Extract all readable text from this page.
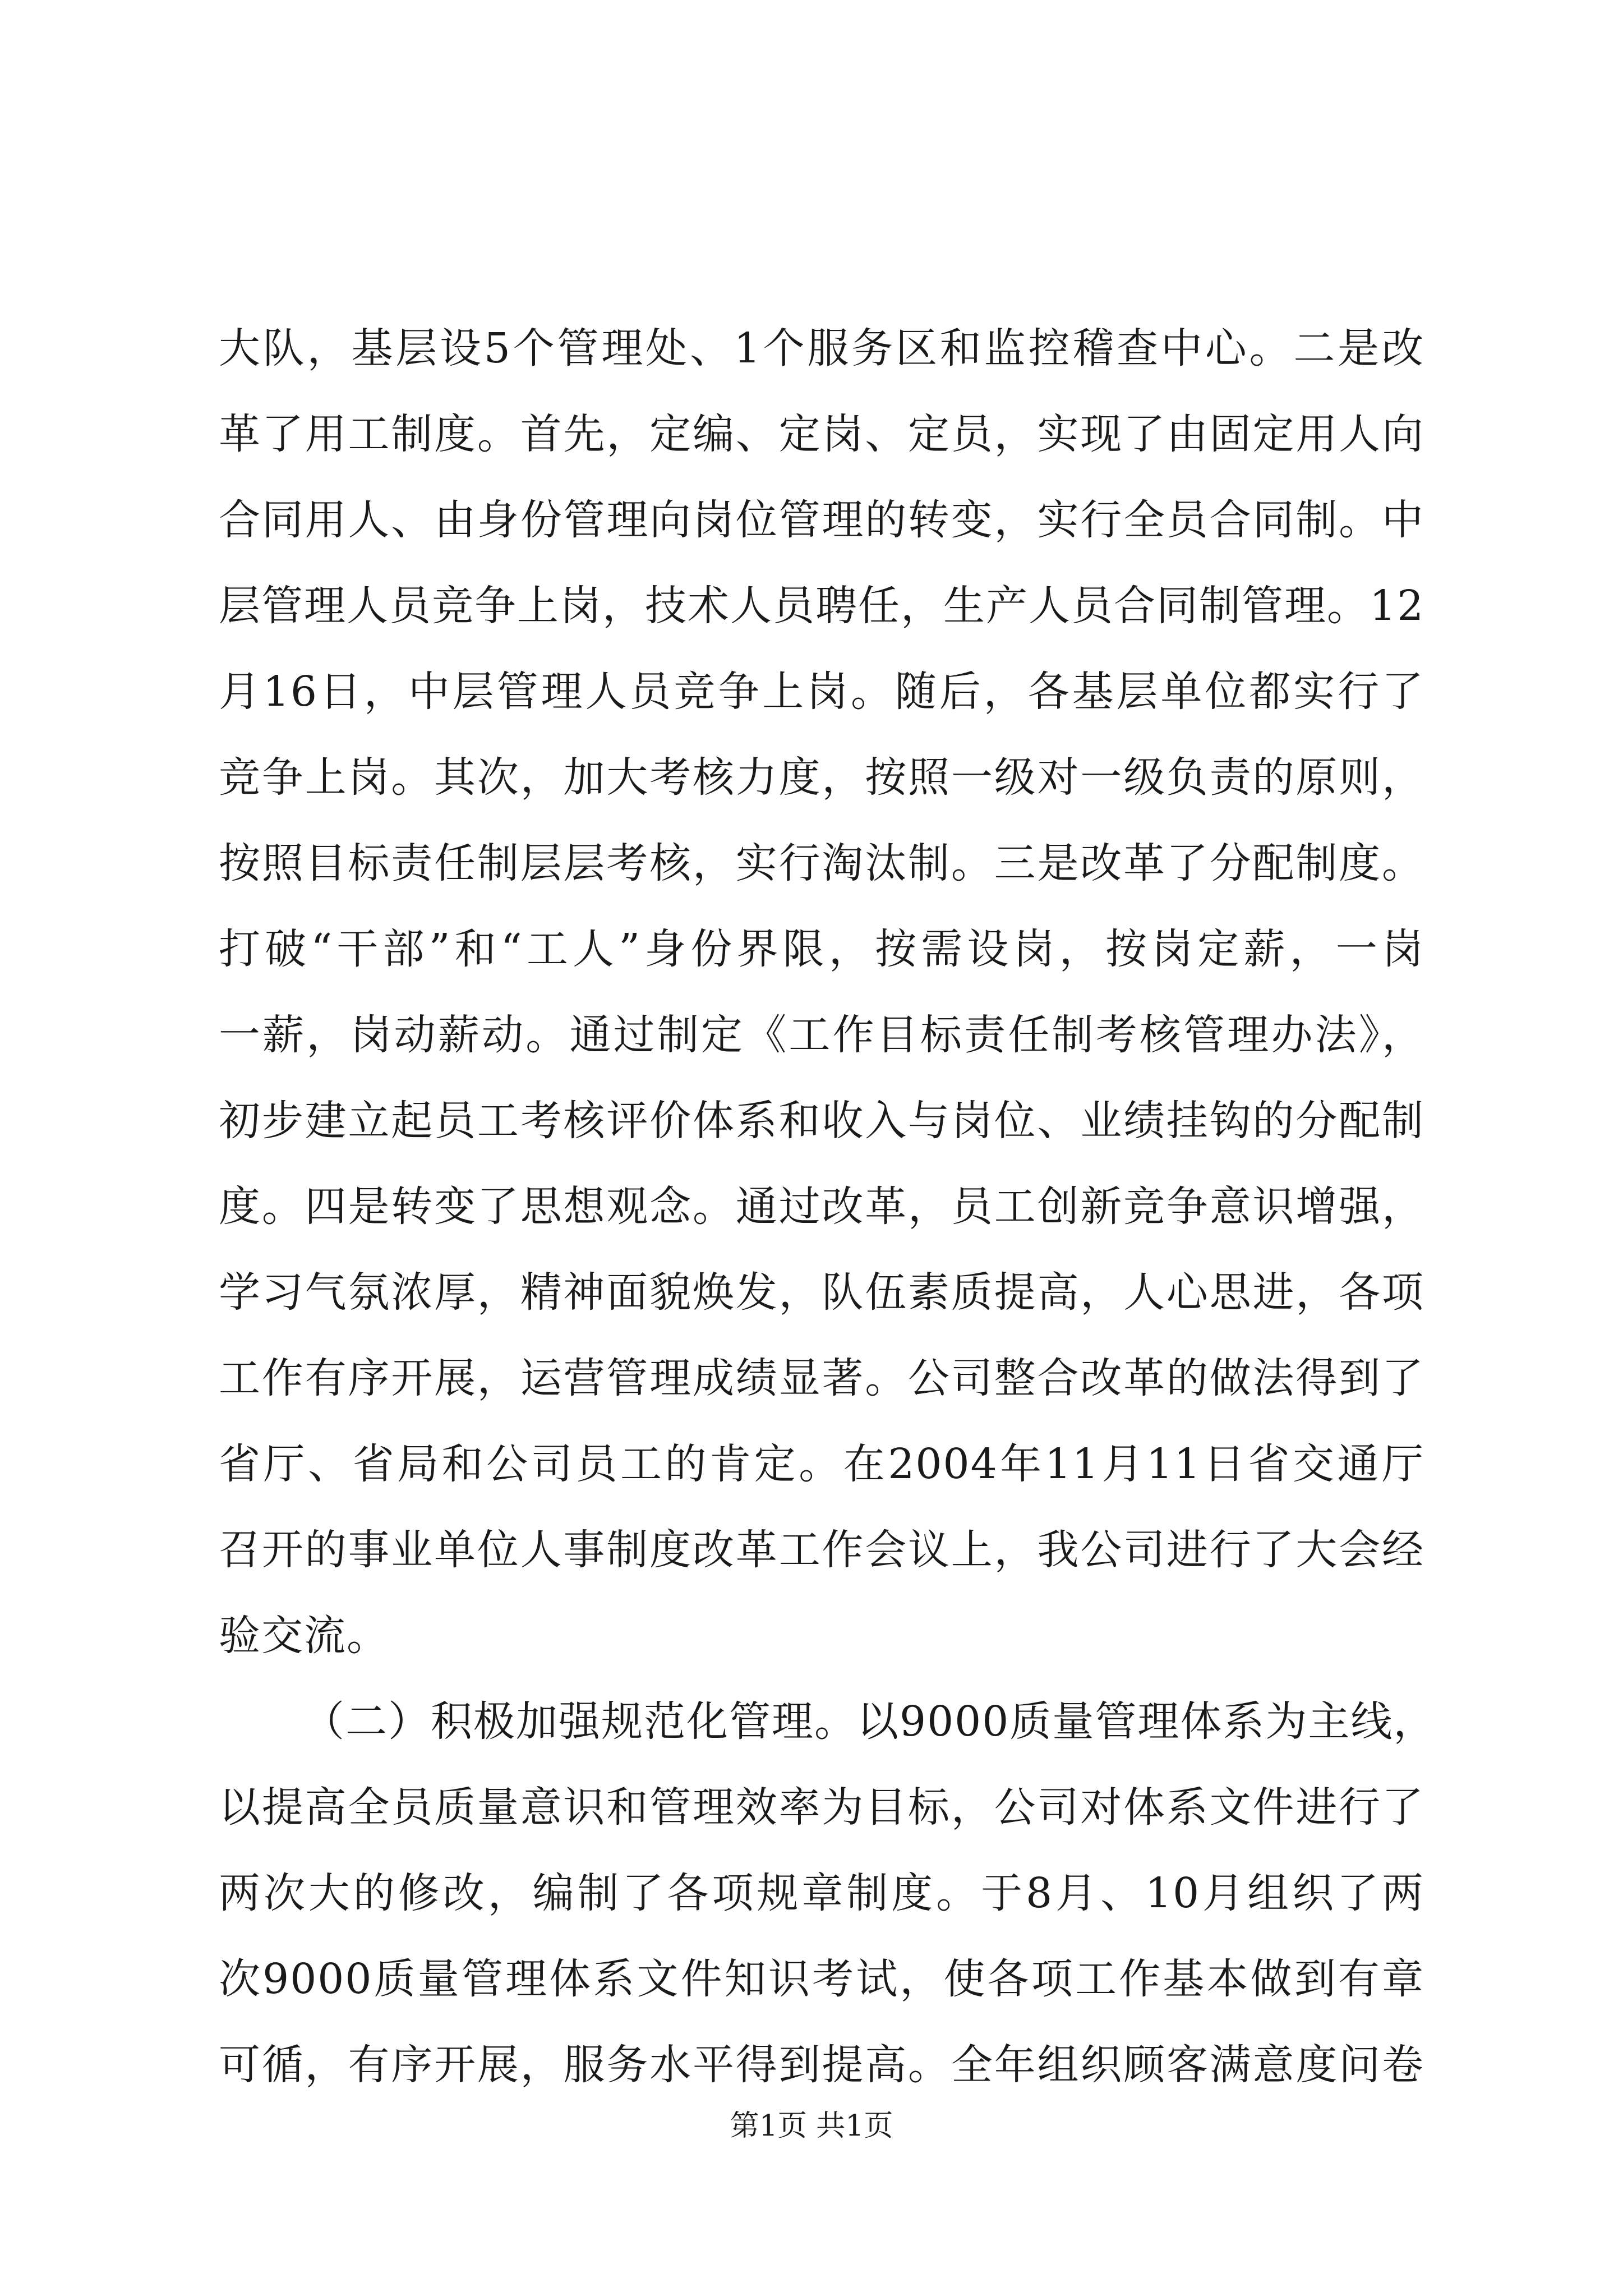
大队，基层设5个管理处、1个服务区和监控稽查中心。二是改
革了用工制度。首先，定编、定岗、定员，实现了由固定用人向
合同用人、由身份管理向岗位管理的转变，实行全员合同制。中
层管理人员竞争上岗，技术人员聘任，生产人员合同制管理。12
月16日，中层管理人员竞争上岗。随后，各基层单位都实行了
竞争上岗。其次，加大考核力度，按照一级对一级负责的原则，
按照目标责任制层层考核，实行淘汰制。三是改革了分配制度。
打破“干部”和“工人”身份界限，按需设岗，按岗定薪，一岗
一薪，岗动薪动。通过制定《工作目标责任制考核管理办法》，
初步建立起员工考核评价体系和收入与岗位、业绩挂钩的分配制
度。四是转变了思想观念。通过改革，员工创新竞争意识增强，
学习气氛浓厚，精神面貌焕发，队伍素质提高，人心思进，各项
工作有序开展，运营管理成绩显著。公司整合改革的做法得到了
省厅、省局和公司员工的肯定。在2004年11月11日省交通厅
召开的事业单位人事制度改革工作会议上，我公司进行了大会经
验交流。
（二）积极加强规范化管理。以9000质量管理体系为主线，
以提高全员质量意识和管理效率为目标，公司对体系文件进行了
两次大的修改，编制了各项规章制度。于8月、10月组织了两
次9000质量管理体系文件知识考试，使各项工作基本做到有章
可循，有序开展，服务水平得到提高。全年组织顾客满意度问卷
第1页 共1页
